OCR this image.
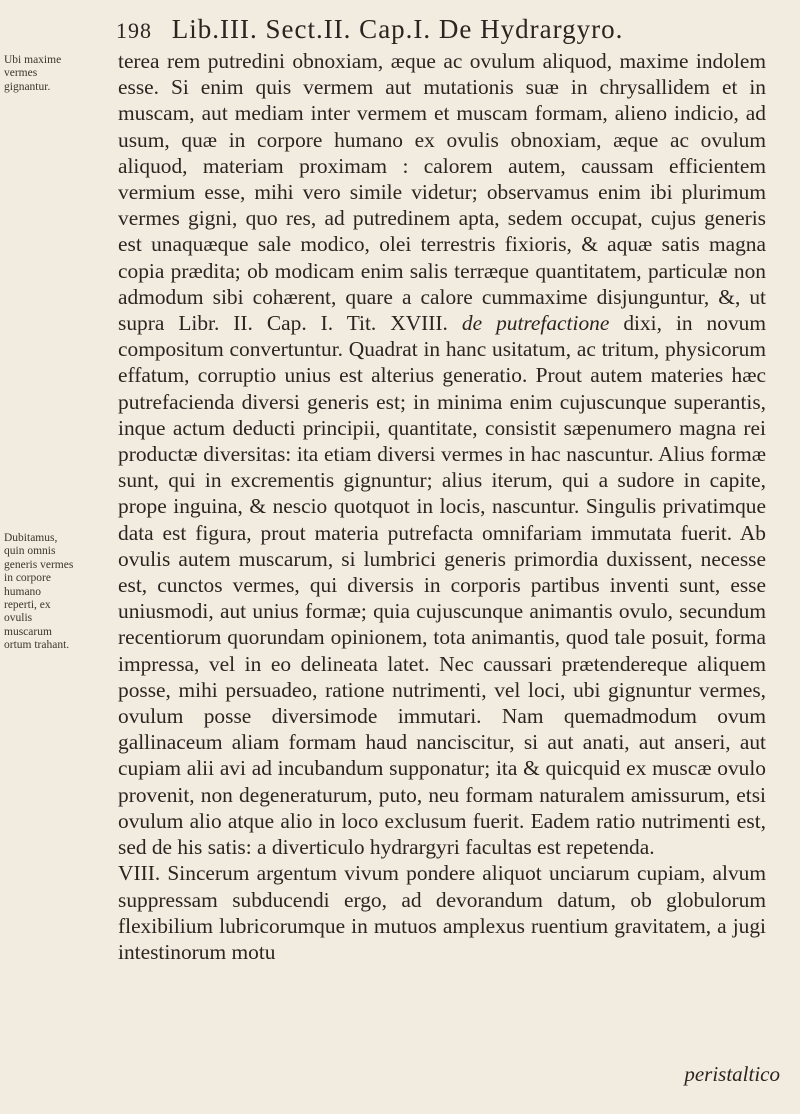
198 Lib.III. Sect.II. Cap.I. De Hydrargyro.
Ubi maxime vermes gignantur.
Dubitamus, quin omnis generis vermes in corpore humano reperti, ex ovulis muscarum ortum trahant.

terea rem putredini obnoxiam, æque ac ovulum aliquod, maxime indolem esse. Si enim quis vermem aut mutationis suæ in chrysallidem et in muscam, aut mediam inter vermem et muscam formam, alieno indicio, ad usum, quæ in corpore humano ex ovulis obnoxiam, æque ac ovulum aliquod, materiam proximam : calorem autem, caussam efficientem vermium esse, mihi vero simile videtur; observamus enim ibi plurimum vermes gigni, quo res, ad putredinem apta, sedem occupat, cujus generis est unaquæque sale modico, olei terrestris fixioris, & aquæ satis magna copia prædita; ob modicam enim salis terræque quantitatem, particulæ non admodum sibi cohærent, quare a calore cummaxime disjunguntur, &, ut supra Libr. II. Cap. I. Tit. XVIII. de putrefactione dixi, in novum compositum convertuntur. Quadrat in hanc usitatum, ac tritum, physicorum effatum, corruptio unius est alterius generatio. Prout autem materies hæc putrefacienda diversi generis est; in minima enim cujuscunque superantis, inque actum deducti principii, quantitate, consistit sæpenumero magna rei productæ diversitas: ita etiam diversi vermes in hac nascuntur. Alius formæ sunt, qui in excrementis gignuntur; alius iterum, qui a sudore in capite, prope inguina, & nescio quotquot in locis, nascuntur. Singulis privatimque data est figura, prout materia putrefacta omnifariam immutata fuerit. Ab ovulis autem muscarum, si lumbrici generis primordia duxissent, necesse est, cunctos vermes, qui diversis in corporis partibus inventi sunt, esse uniusmodi, aut unius formæ; quia cujuscunque animantis ovulo, secundum recentiorum quorundam opinionem, tota animantis, quod tale posuit, forma impressa, vel in eo delineata latet. Nec caussari prætendereque aliquem posse, mihi persuadeo, ratione nutrimenti, vel loci, ubi gignuntur vermes, ovulum posse diversimode immutari. Nam quemadmodum ovum gallinaceum aliam formam haud nanciscitur, si aut anati, aut anseri, aut cupiam alii avi ad incubandum supponatur; ita & quicquid ex muscæ ovulo provenit, non degeneraturum, puto, neu formam naturalem amissurum, etsi ovulum alio atque alio in loco exclusum fuerit. Eadem ratio nutrimenti est, sed de his satis: a diverticulo hydrargyri facultas est repetenda.

VIII. Sincerum argentum vivum pondere aliquot unciarum cupiam, alvum suppressam subducendi ergo, ad devorandum datum, ob globulorum flexibilium lubricorumque in mutuos amplexus ruentium gravitatem, a jugi intestinorum motu

peristaltico
